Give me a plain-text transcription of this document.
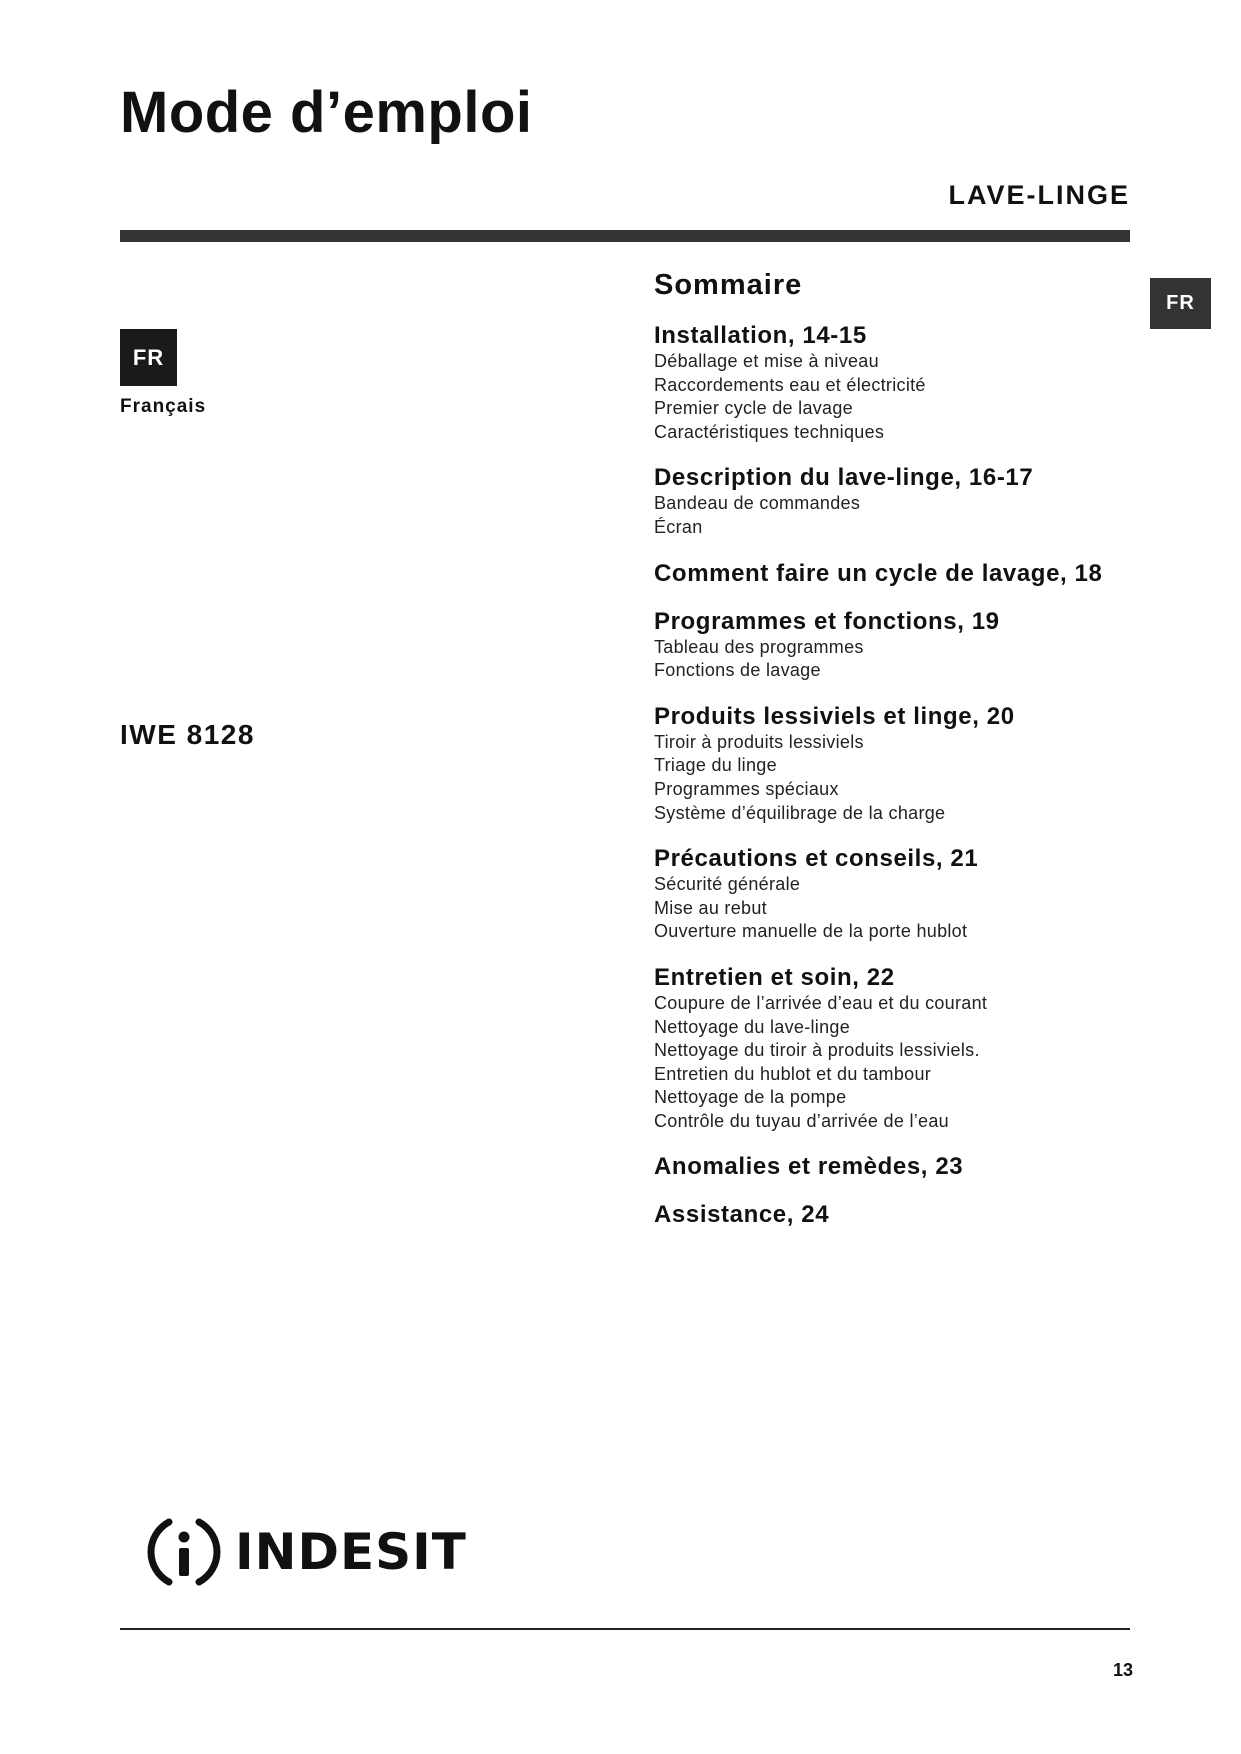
Mode d’emploi
LAVE-LINGE
FR
Français
FR
IWE 8128
Sommaire
Installation, 14-15
Déballage et mise à niveau
Raccordements eau et électricité
Premier cycle de lavage
Caractéristiques techniques
Description du lave-linge, 16-17
Bandeau de commandes
Écran
Comment faire un cycle de lavage, 18
Programmes et fonctions, 19
Tableau des programmes
Fonctions de lavage
Produits lessiviels et linge, 20
Tiroir à produits lessiviels
Triage du linge
Programmes spéciaux
Système d’équilibrage de la charge
Précautions et conseils, 21
Sécurité générale
Mise au rebut
Ouverture manuelle de la porte hublot
Entretien et soin, 22
Coupure de l’arrivée d’eau et du courant
Nettoyage du lave-linge
Nettoyage du tiroir à produits lessiviels.
Entretien du hublot et du tambour
Nettoyage de la pompe
Contrôle du tuyau d’arrivée de l’eau
Anomalies et remèdes, 23
Assistance, 24
INDESIT
13
